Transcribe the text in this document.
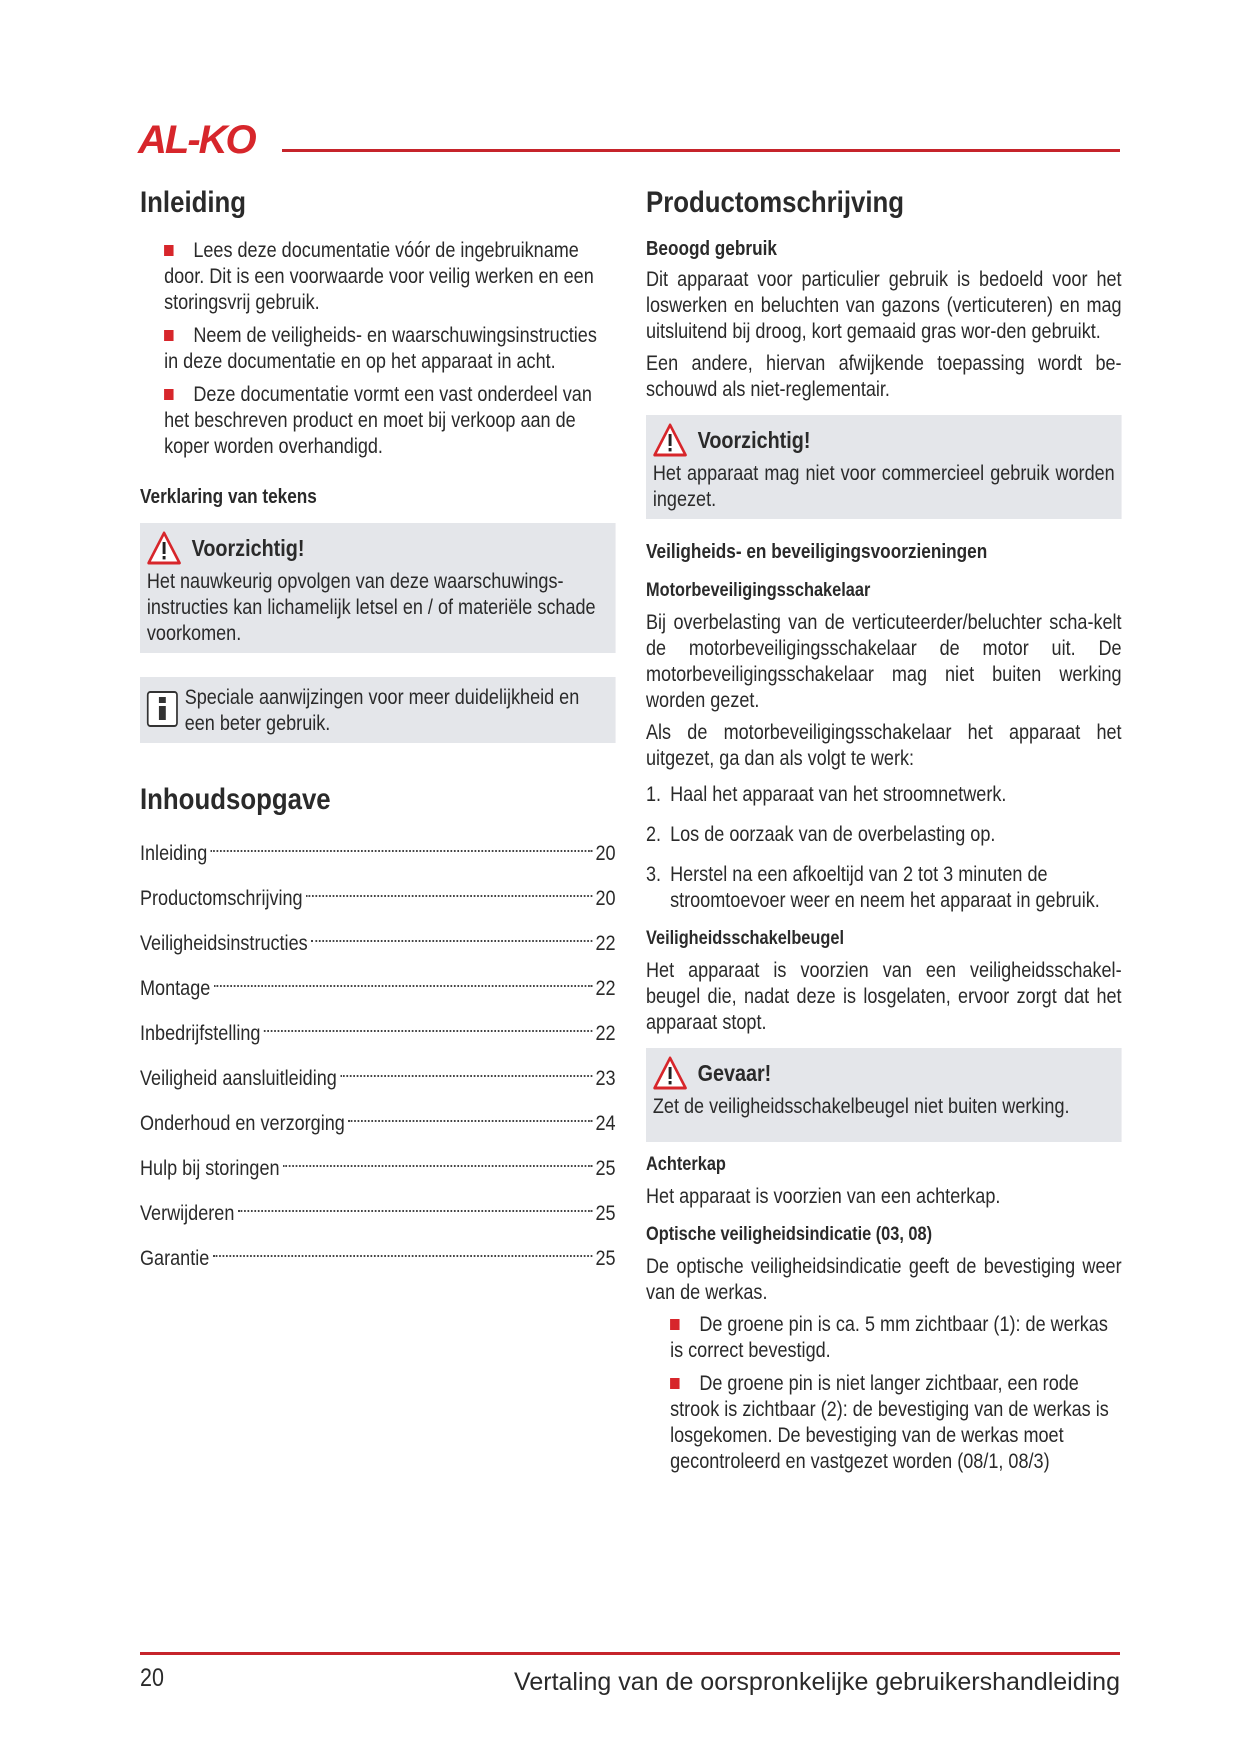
AL-KO
Inleiding
Lees deze documentatie vóór de ingebruikname door. Dit is een voorwaarde voor veilig werken en een storingsvrij gebruik.
Neem de veiligheids- en waarschuwingsinstructies in deze documentatie en op het apparaat in acht.
Deze documentatie vormt een vast onderdeel van het beschreven product en moet bij verkoop aan de koper worden overhandigd.
Verklaring van tekens
Voorzichtig!

Het nauwkeurig opvolgen van deze waarschuwings-instructies kan lichamelijk letsel en / of materiële schade voorkomen.

Speciale aanwijzingen voor meer duidelijkheid en een beter gebruik.

Inhoudsopgave
Inleiding	20
Productomschrijving	20
Veiligheidsinstructies	22
Montage	22
Inbedrijfstelling	22
Veiligheid aansluitleiding	23
Onderhoud en verzorging	24
Hulp bij storingen	25
Verwijderen	25
Garantie	25
Productomschrijving
Beoogd gebruik

Dit apparaat voor particulier gebruik is bedoeld voor het loswerken en beluchten van gazons (verticuteren) en mag uitsluitend bij droog, kort gemaaid gras wor-den gebruikt.

Een andere, hiervan afwijkende toepassing wordt be-schouwd als niet-reglementair.

Voorzichtig!

Het apparaat mag niet voor commercieel gebruik worden ingezet.

Veiligheids- en beveiligingsvoorzieningen
Motorbeveiligingsschakelaar

Bij overbelasting van de verticuteerder/beluchter scha-kelt de motorbeveiligingsschakelaar de motor uit. De motorbeveiligingsschakelaar mag niet buiten werking worden gezet.

Als de motorbeveiligingsschakelaar het apparaat het uitgezet, ga dan als volgt te werk:

1. Haal het apparaat van het stroomnetwerk.
2. Los de oorzaak van de overbelasting op.
3. Herstel na een afkoeltijd van 2 tot 3 minuten de stroomtoevoer weer en neem het apparaat in gebruik.
Veiligheidsschakelbeugel

Het apparaat is voorzien van een veiligheidsschakel-beugel die, nadat deze is losgelaten, ervoor zorgt dat het apparaat stopt.

Gevaar!

Zet de veiligheidsschakelbeugel niet buiten werking.

Achterkap

Het apparaat is voorzien van een achterkap.

Optische veiligheidsindicatie (03, 08)

De optische veiligheidsindicatie geeft de bevestiging weer van de werkas.

De groene pin is ca. 5 mm zichtbaar (1): de werkas is correct bevestigd.
De groene pin is niet langer zichtbaar, een rode strook is zichtbaar (2): de bevestiging van de werkas is losgekomen. De bevestiging van de werkas moet gecontroleerd en vastgezet worden (08/1, 08/3)
20	Vertaling van de oorspronkelijke gebruikershandleiding
